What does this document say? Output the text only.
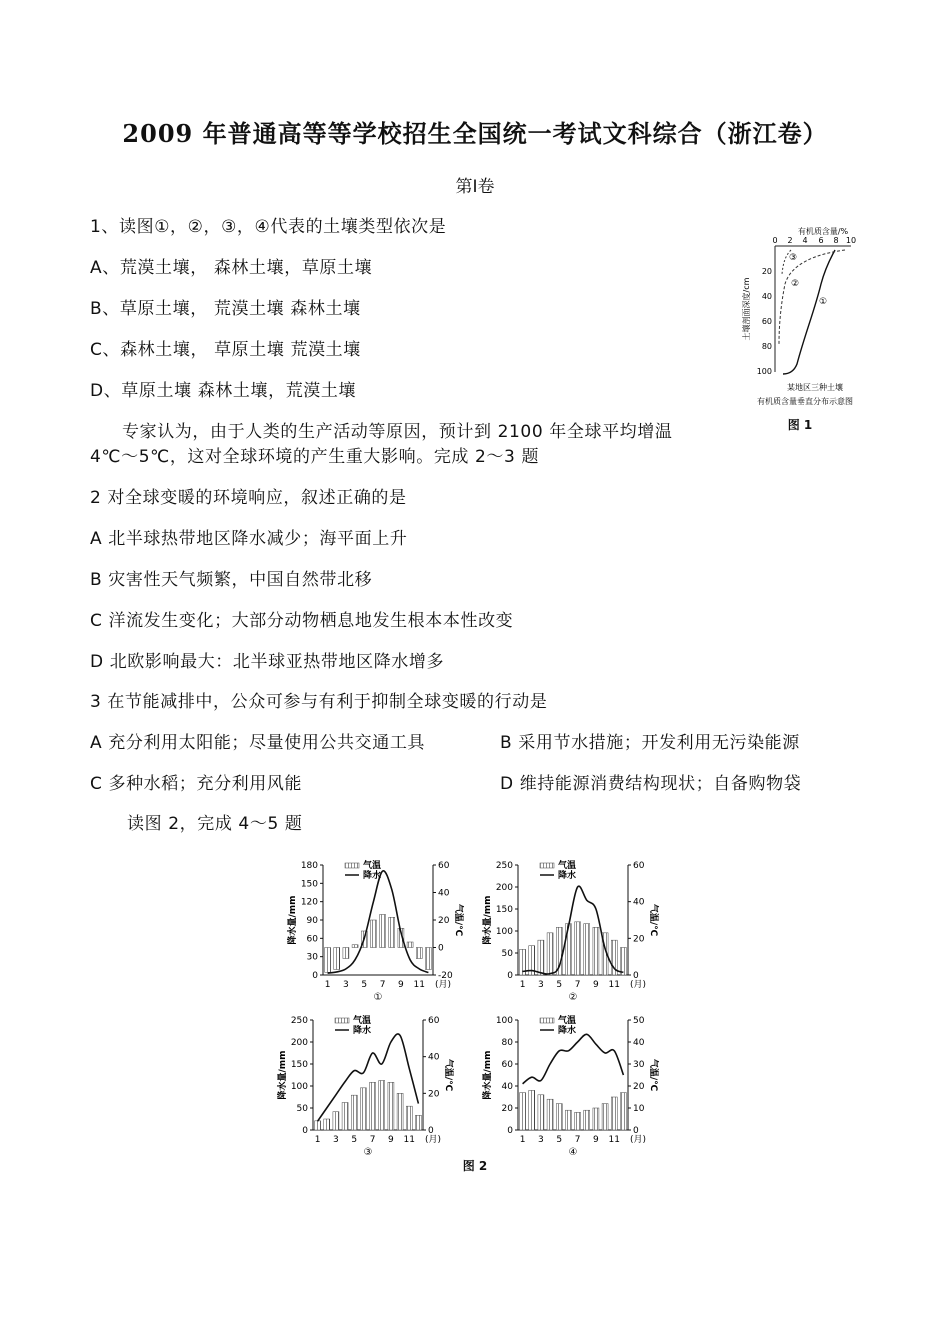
2009 年普通高等等学校招生全国统一考试文科综合（浙江卷）
第Ⅰ卷
1、读图①，②，③，④代表的土壤类型依次是
A、荒漠土壤， 森林土壤，草原土壤
B、草原土壤， 荒漠土壤 森林土壤
C、森林土壤， 草原土壤 荒漠土壤
D、草原土壤 森林土壤，荒漠土壤
有机质含量/%
0 2 4 6 8 10
20
40
60
80
100
土壤剖面深度/cm	①
②
③
某地区三种土壤
有机质含量垂直分布示意图
图 1
专家认为，由于人类的生产活动等原因，预计到 2100 年全球平均增温
4℃～5℃，这对全球环境的产生重大影响。完成 2～3 题
2 对全球变暖的环境响应，叙述正确的是
A 北半球热带地区降水减少；海平面上升
B 灾害性天气频繁，中国自然带北移
C 洋流发生变化；大部分动物栖息地发生根本本性改变
D 北欧影响最大：北半球亚热带地区降水增多
3 在节能减排中，公众可参与有利于抑制全球变暖的行动是
A 充分利用太阳能；尽量使用公共交通工具	B 采用节水措施；开发利用无污染能源
C 多种水稻；充分利用风能	D 维持能源消费结构现状；自备购物袋
读图 2，完成 4～5 题
0
30
60
90
120
150
180
-20
0
20
40
60
降水量/mm	气温/℃
1 3 5 7 9 11 (月)
气温
降水
①
0
50
100
150
200
250
0
20
40
60
降水量/mm	气温/℃
1 3 5 7 9 11 (月)
气温
降水
②
0
50
100
150
200
250
0
20
40
60
降水量/mm	气温/℃
1 3 5 7 9 11 (月)
气温
降水
③
0
20
40
60
80
100
0
10
20
30
40
50
降水量/mm	气温/℃
1 3 5 7 9 11 (月)
气温
降水
④
图 2
